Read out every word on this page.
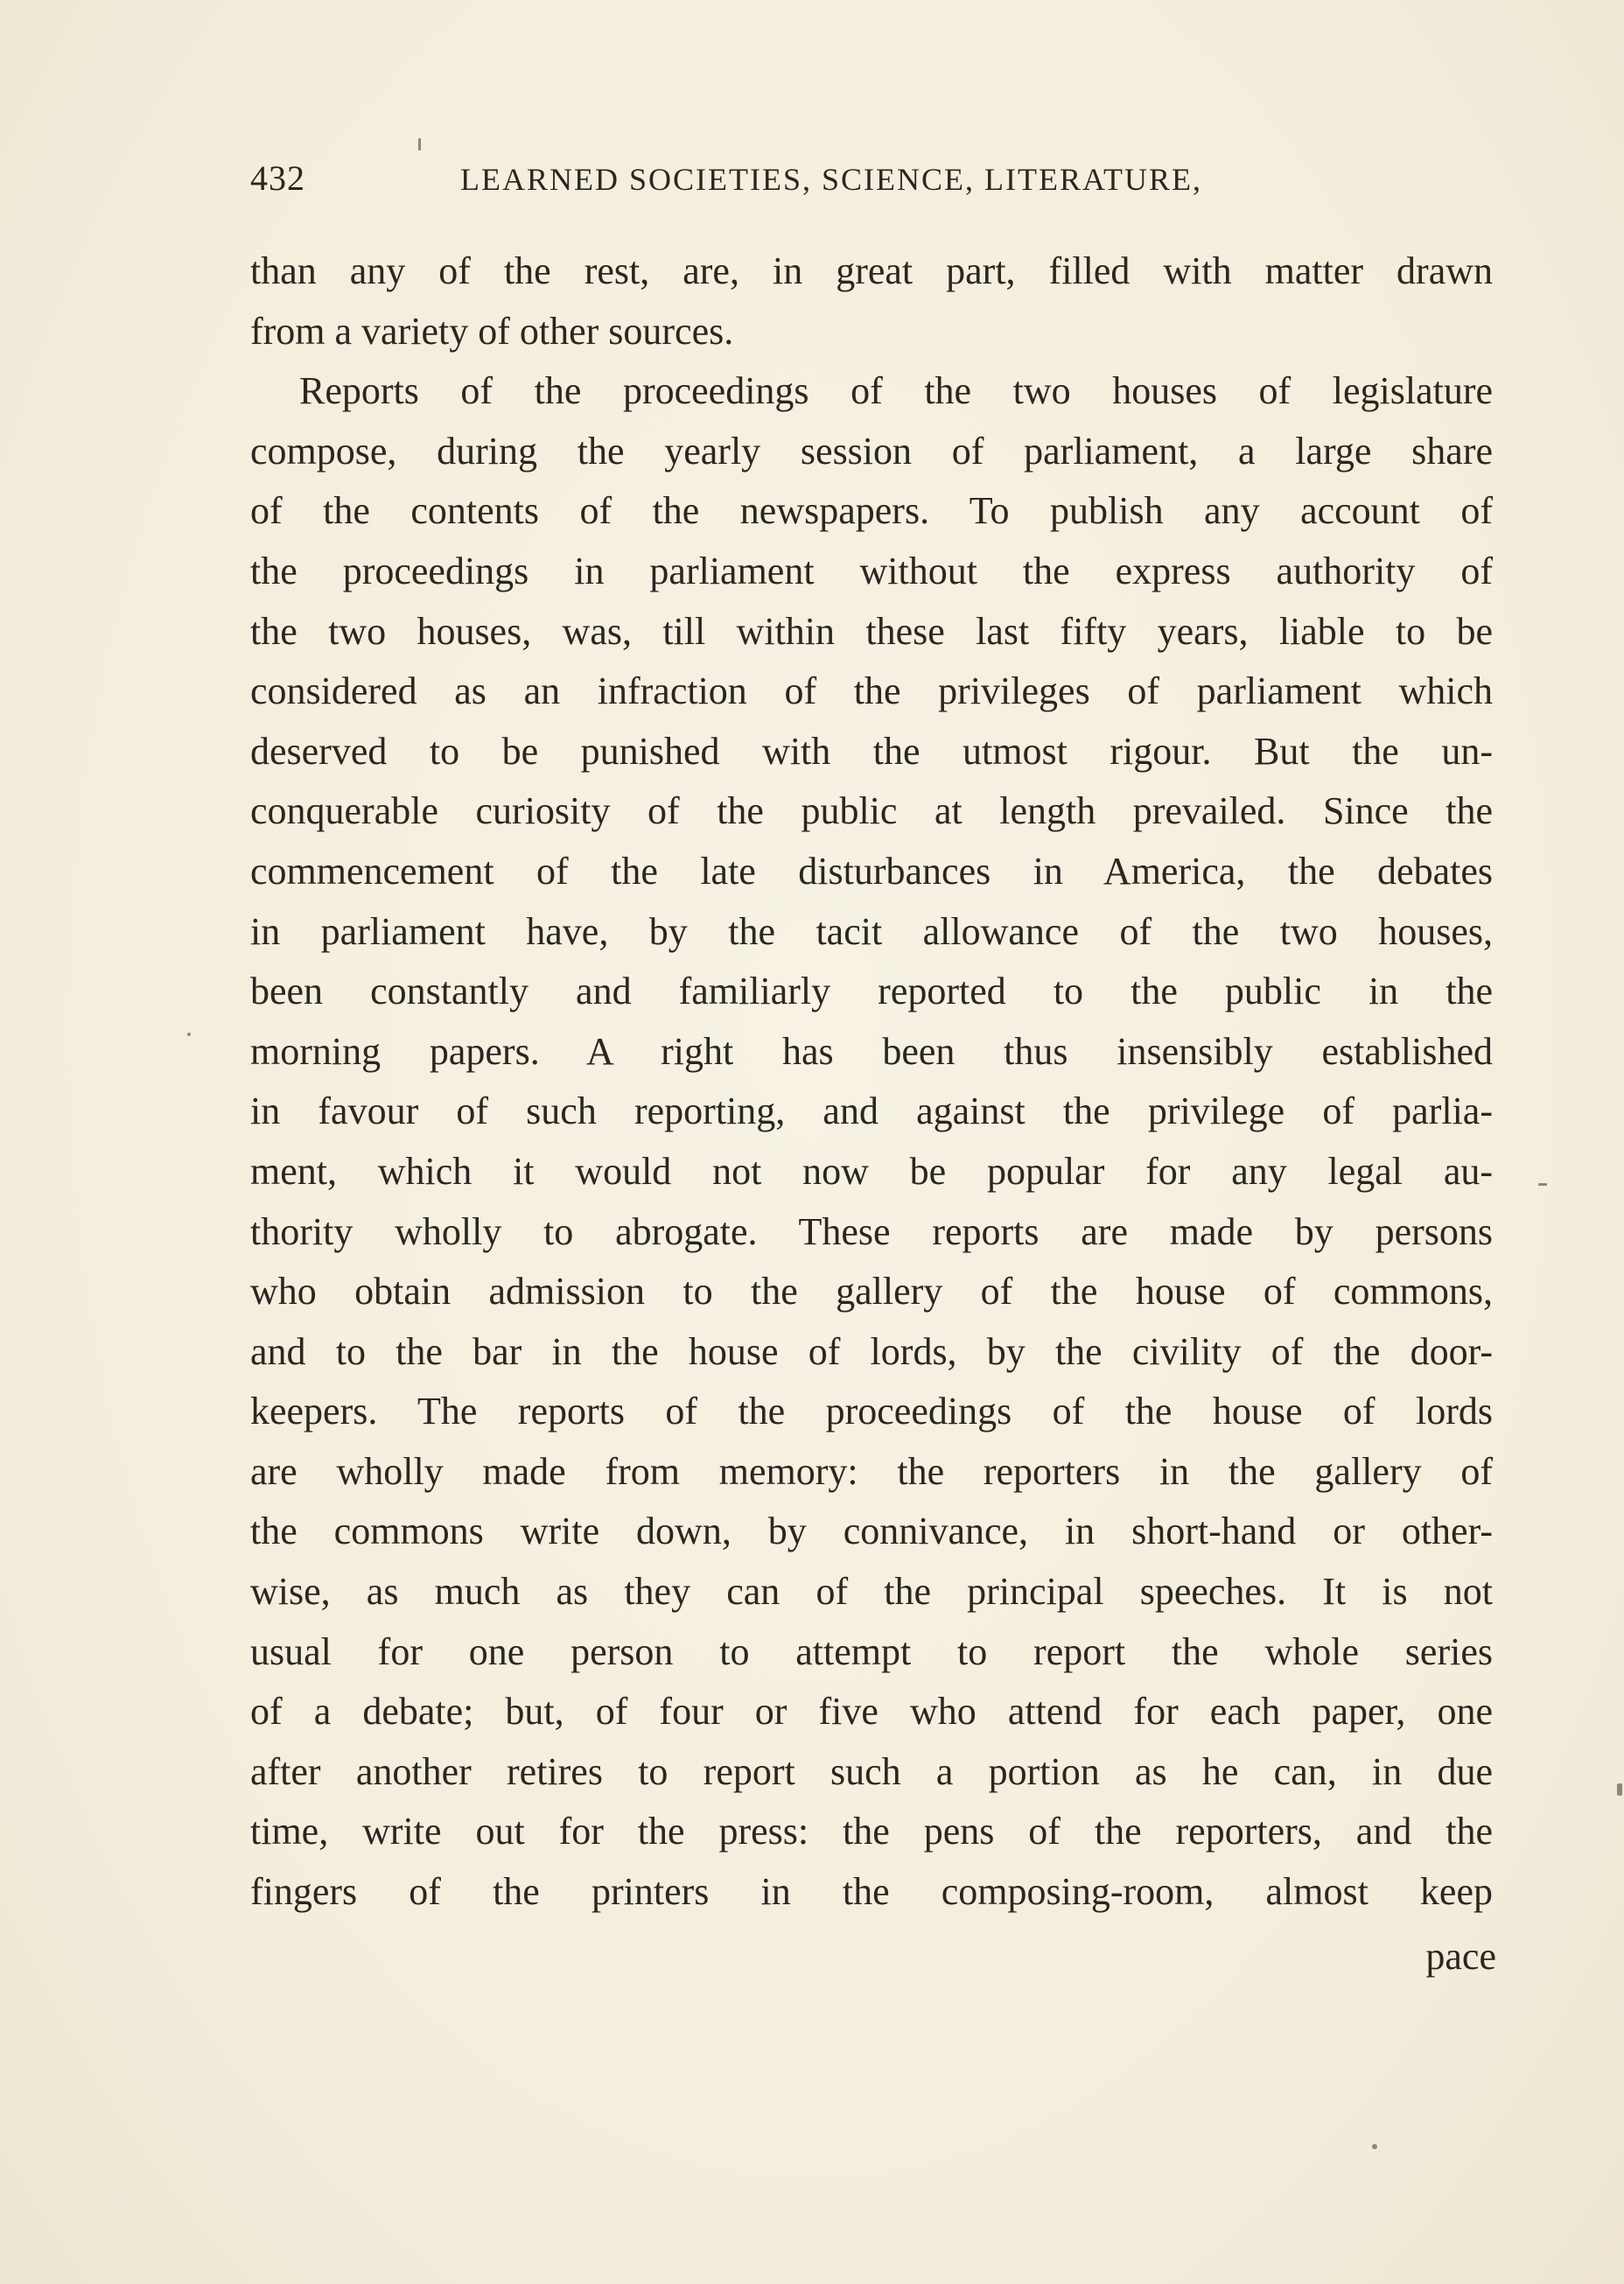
432	LEARNED SOCIETIES, SCIENCE, LITERATURE,
than any of the rest, are, in great part, filled with matter drawn
from a variety of other sources.
Reports of the proceedings of the two houses of legislature
compose, during the yearly session of parliament, a large share
of the contents of the newspapers. To publish any account of
the proceedings in parliament without the express authority of
the two houses, was, till within these last fifty years, liable to be
considered as an infraction of the privileges of parliament which
deserved to be punished with the utmost rigour. But the un-
conquerable curiosity of the public at length prevailed. Since the
commencement of the late disturbances in America, the debates
in parliament have, by the tacit allowance of the two houses,
been constantly and familiarly reported to the public in the
morning papers. A right has been thus insensibly established
in favour of such reporting, and against the privilege of parlia-
ment, which it would not now be popular for any legal au-
thority wholly to abrogate. These reports are made by persons
who obtain admission to the gallery of the house of commons,
and to the bar in the house of lords, by the civility of the door-
keepers. The reports of the proceedings of the house of lords
are wholly made from memory: the reporters in the gallery of
the commons write down, by connivance, in short-hand or other-
wise, as much as they can of the principal speeches. It is not
usual for one person to attempt to report the whole series
of a debate; but, of four or five who attend for each paper, one
after another retires to report such a portion as he can, in due
time, write out for the press: the pens of the reporters, and the
fingers of the printers in the composing-room, almost keep
pace
